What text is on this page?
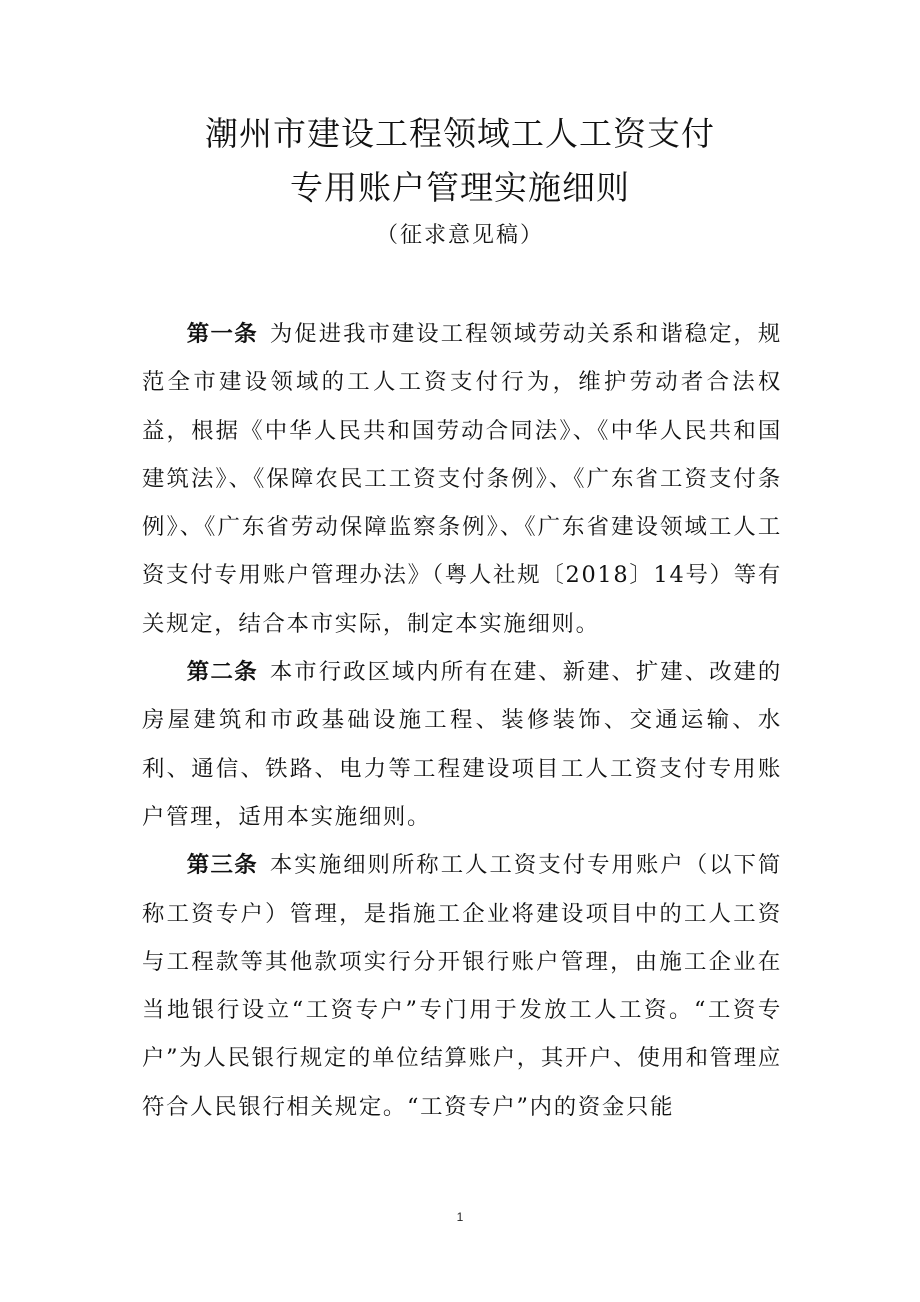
潮州市建设工程领域工人工资支付
专用账户管理实施细则
（征求意见稿）

第一条 为促进我市建设工程领域劳动关系和谐稳定，规范全市建设领域的工人工资支付行为，维护劳动者合法权益，根据《中华人民共和国劳动合同法》、《中华人民共和国建筑法》、《保障农民工工资支付条例》、《广东省工资支付条例》、《广东省劳动保障监察条例》、《广东省建设领域工人工资支付专用账户管理办法》（粤人社规〔2018〕14号）等有关规定，结合本市实际，制定本实施细则。

第二条 本市行政区域内所有在建、新建、扩建、改建的房屋建筑和市政基础设施工程、装修装饰、交通运输、水利、通信、铁路、电力等工程建设项目工人工资支付专用账户管理，适用本实施细则。

第三条 本实施细则所称工人工资支付专用账户（以下简称工资专户）管理，是指施工企业将建设项目中的工人工资与工程款等其他款项实行分开银行账户管理，由施工企业在当地银行设立“工资专户”专门用于发放工人工资。“工资专户”为人民银行规定的单位结算账户，其开户、使用和管理应符合人民银行相关规定。“工资专户”内的资金只能

1
